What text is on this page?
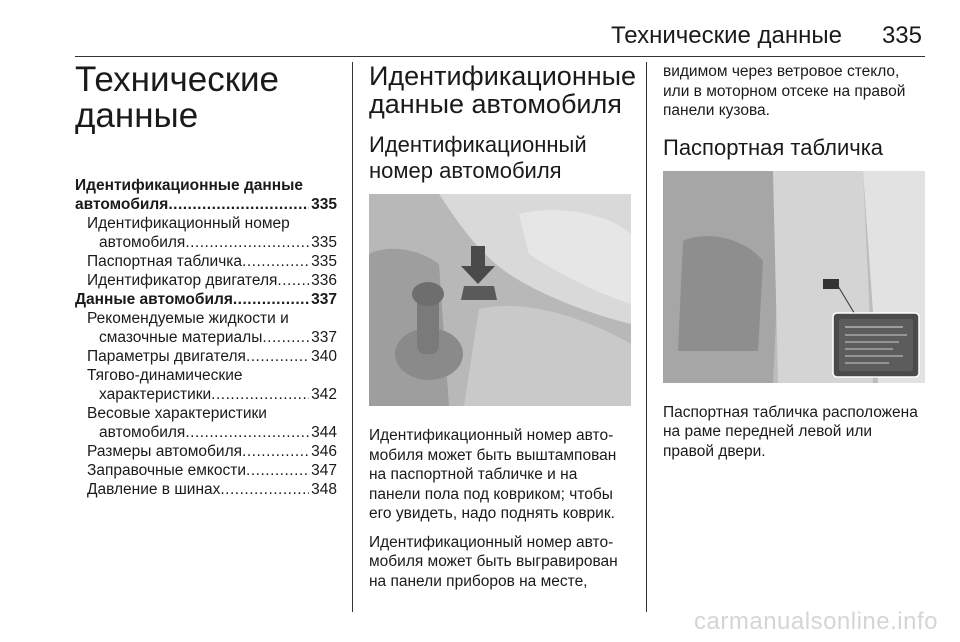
Технические данные 335
Технические
данные
Идентификационные данные
автомобиля .....	335
Идентификационный номер
автомобиля .....	335
Паспортная табличка .....	335
Идентификатор двигателя ..... 336
Данные автомобиля .....	337
Рекомендуемые жидкости и
смазочные материалы .....	337
Параметры двигателя .....	340
Тягово-динамические
характеристики .....	342
Весовые характеристики
автомобиля .....	344
Размеры автомобиля .....	346
Заправочные емкости .....	347
Давление в шинах .....	348
Идентификационные
данные автомобиля
Идентификационный
номер автомобиля

Идентификационный номер авто-мобиля может быть выштампован на паспортной табличке и на панели пола под ковриком; чтобы его увидеть, надо поднять коврик.

Идентификационный номер авто-мобиля может быть выгравирован на панели приборов на месте,

видимом через ветровое стекло, или в моторном отсеке на правой панели кузова.

Паспортная табличка

Паспортная табличка расположена на раме передней левой или правой двери.

carmanualsonline.info
